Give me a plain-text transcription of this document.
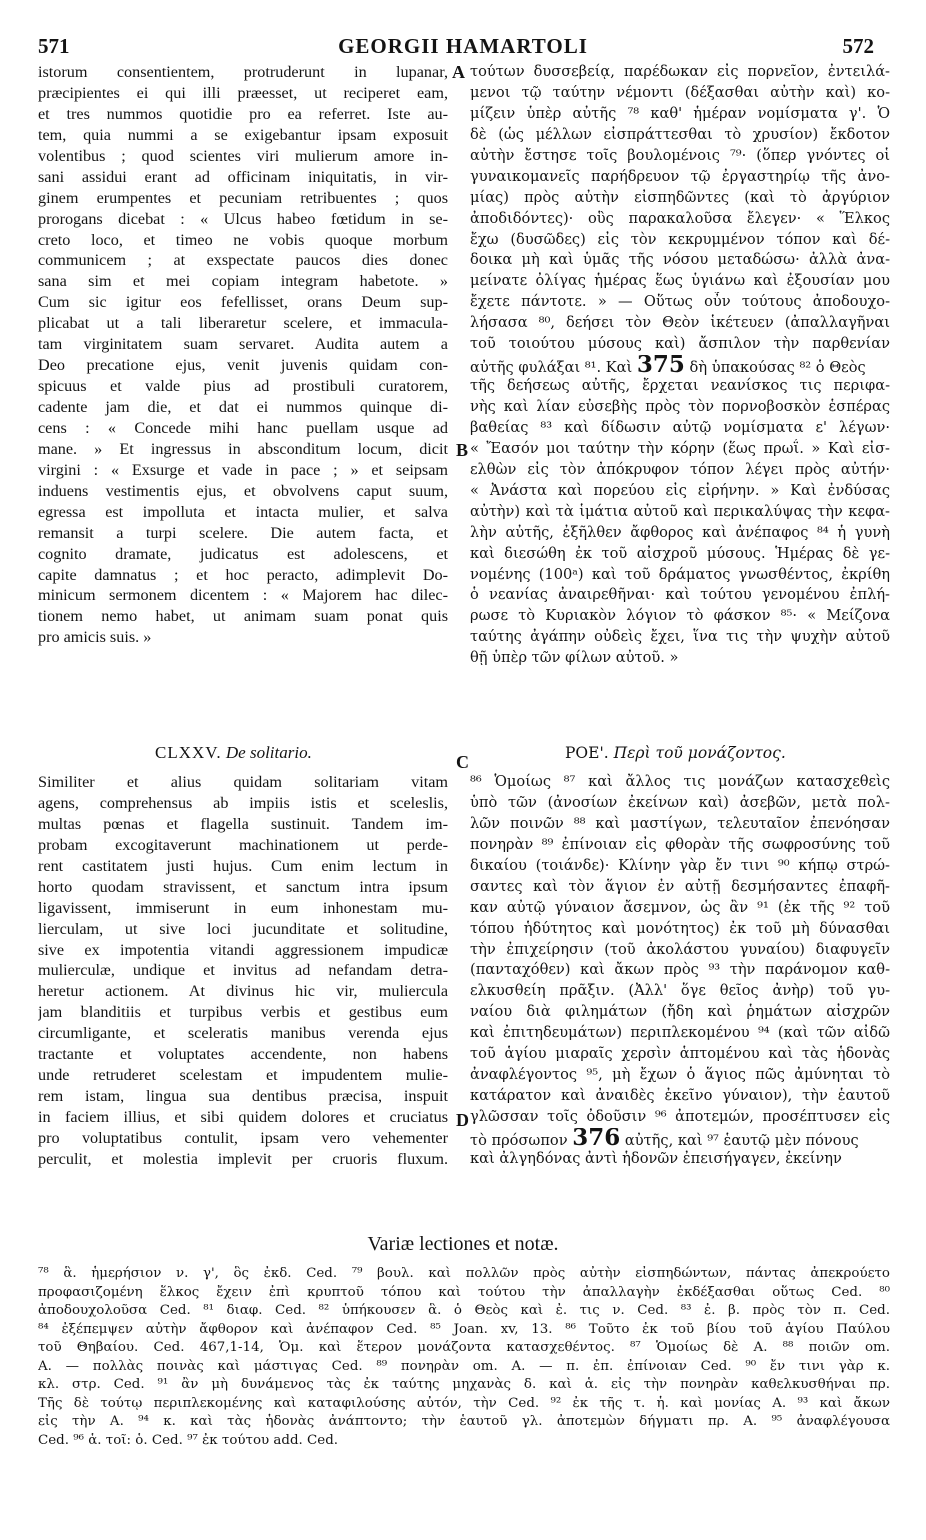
571	GEORGII HAMARTOLI	572
istorum consentientem, protruderunt in lupanar,
præcipientes ei qui illi præesset, ut reciperet eam,
et tres nummos quotidie pro ea referret. Iste au-
tem, quia nummi a se exigebantur ipsam exposuit
volentibus ; quod scientes viri mulierum amore in-
sani assidui erant ad officinam iniquitatis, in vir-
ginem erumpentes et pecuniam retribuentes ; quos
prorogans dicebat : « Ulcus habeo fœtidum in se-
creto loco, et timeo ne vobis quoque morbum
communicem ; at exspectate paucos dies donec
sana sim et mei copiam integram habetote. »
Cum sic igitur eos fefellisset, orans Deum sup-
plicabat ut a tali liberaretur scelere, et immacula-
tam virginitatem suam servaret. Audita autem a
Deo precatione ejus, venit juvenis quidam con-
spicuus et valde pius ad prostibuli curatorem,
cadente jam die, et dat ei nummos quinque di-
cens : « Concede mihi hanc puellam usque ad
mane. » Et ingressus in absconditum locum, dicit
virgini : « Exsurge et vade in pace ; » et seipsam
induens vestimentis ejus, et obvolvens caput suum,
egressa est impolluta et intacta mulier, et salva
remansit a turpi scelere. Die autem facta, et
cognito dramate, judicatus est adolescens, et
capite damnatus ; et hoc peracto, adimplevit Do-
minicum sermonem dicentem : « Majorem hac dilec-
tionem nemo habet, ut animam suam ponat quis
pro amicis suis. »
Similiter et alius quidam solitariam vitam
agens, comprehensus ab impiis istis et sceleslis,
multas pœnas et flagella sustinuit. Tandem im-
probam excogitaverunt machinationem ut perde-
rent castitatem justi hujus. Cum enim lectum in
horto quodam stravissent, et sanctum intra ipsum
ligavissent, immiserunt in eum inhonestam mu-
lierculam, ut sive loci jucunditate et solitudine,
sive ex impotentia vitandi aggressionem impudicæ
mulierculæ, undique et invitus ad nefandam detra-
heretur actionem. At divinus hic vir, muliercula
jam blanditiis et turpibus verbis et gestibus eum
circumligante, et sceleratis manibus verenda ejus
tractante et voluptates accendente, non habens
unde retruderet scelestam et impudentem mulie-
rem istam, lingua sua dentibus præcisa, inspuit
in faciem illius, et sibi quidem dolores et cruciatus
pro voluptatibus contulit, ipsam vero vehementer
perculit, et molestia implevit per cruoris fluxum.
CLXXV. De solitario.
A
B
C
D
τούτων δυσσεβείᾳ, παρέδωκαν εἰς πορνεῖον, ἐντειλά-
μενοι τῷ ταύτην νέμοντι (δέξασθαι αὐτὴν καὶ) κο-
μίζειν ὑπὲρ αὐτῆς ⁷⁸ καθ' ἡμέραν νομίσματα γ'. Ὁ
δὲ (ὡς μέλλων εἰσπράττεσθαι τὸ χρυσίον) ἔκδοτον
αὐτὴν ἔστησε τοῖς βουλομένοις ⁷⁹· (ὅπερ γνόντες οἱ
γυναικομανεῖς παρήδρευον τῷ ἐργαστηρίῳ τῆς ἀνο-
μίας) πρὸς αὐτὴν εἰσπηδῶντες (καὶ τὸ ἀργύριον
ἀποδιδόντες)· οὓς παρακαλοῦσα ἔλεγεν· « Ἕλκος
ἔχω (δυσῶδες) εἰς τὸν κεκρυμμένον τόπον καὶ δέ-
δοικα μὴ καὶ ὑμᾶς τῆς νόσου μεταδώσω· ἀλλὰ ἀνα-
μείνατε ὀλίγας ἡμέρας ἕως ὑγιάνω καὶ ἐξουσίαν μου
ἔχετε πάντοτε. » — Οὕτως οὖν τούτους ἀποδουχο-
λήσασα ⁸⁰, δεήσει τὸν Θεὸν ἱκέτευεν (ἀπαλλαγῆναι
τοῦ τοιούτου μύσους καὶ) ἄσπιλον τὴν παρθενίαν
αὐτῆς φυλάξαι ⁸¹. Καὶ 375 δὴ ὑπακούσας ⁸² ὁ Θεὸς
τῆς δεήσεως αὐτῆς, ἔρχεται νεανίσκος τις περιφα-
νὴς καὶ λίαν εὐσεβὴς πρὸς τὸν πορνοβοσκὸν ἑσπέρας
βαθείας ⁸³ καὶ δίδωσιν αὐτῷ νομίσματα ε' λέγων·
« Ἔασόν μοι ταύτην τὴν κόρην (ἕως πρωΐ. » Καὶ εἰσ-
ελθὼν εἰς τὸν ἀπόκρυφον τόπον λέγει πρὸς αὐτήν·
« Ἀνάστα καὶ πορεύου εἰς εἰρήνην. » Καὶ ἐνδύσας
αὐτὴν) καὶ τὰ ἱμάτια αὐτοῦ καὶ περικαλύψας τὴν κεφα-
λὴν αὐτῆς, ἐξῆλθεν ἄφθορος καὶ ἀνέπαφος ⁸⁴ ἡ γυνὴ
καὶ διεσώθη ἐκ τοῦ αἰσχροῦ μύσους. Ἡμέρας δὲ γε-
νομένης (100ᵃ) καὶ τοῦ δράματος γνωσθέντος, ἐκρίθη
ὁ νεανίας ἀναιρεθῆναι· καὶ τούτου γενομένου ἐπλή-
ρωσε τὸ Κυριακὸν λόγιον τὸ φάσκον ⁸⁵· « Μείζονα
ταύτης ἀγάπην οὐδεὶς ἔχει, ἵνα τις τὴν ψυχὴν αὐτοῦ
θῇ ὑπὲρ τῶν φίλων αὐτοῦ. »
ΡΟΕ'. Περὶ τοῦ μονάζοντος.
⁸⁶ Ὁμοίως ⁸⁷ καὶ ἄλλος τις μονάζων κατασχεθεὶς
ὑπὸ τῶν (ἀνοσίων ἐκείνων καὶ) ἀσεβῶν, μετὰ πολ-
λῶν ποινῶν ⁸⁸ καὶ μαστίγων, τελευταῖον ἐπενόησαν
πονηρὰν ⁸⁹ ἐπίνοιαν εἰς φθορὰν τῆς σωφροσύνης τοῦ
δικαίου (τοιάνδε)· Κλίνην γὰρ ἔν τινι ⁹⁰ κήπῳ στρώ-
σαντες καὶ τὸν ἅγιον ἐν αὐτῇ δεσμήσαντες ἐπαφῆ-
καν αὐτῷ γύναιον ἄσεμνον, ὡς ἂν ⁹¹ (ἐκ τῆς ⁹² τοῦ
τόπου ἡδύτητος καὶ μονότητος) ἐκ τοῦ μὴ δύνασθαι
τὴν ἐπιχείρησιν (τοῦ ἀκολάστου γυναίου) διαφυγεῖν
(πανταχόθεν) καὶ ἄκων πρὸς ⁹³ τὴν παράνομον καθ-
ελκυσθείη πρᾶξιν. (Ἀλλ' ὅγε θεῖος ἀνὴρ) τοῦ γυ-
ναίου διὰ φιλημάτων (ἤδη καὶ ῥημάτων αἰσχρῶν
καὶ ἐπιτηδευμάτων) περιπλεκομένου ⁹⁴ (καὶ τῶν αἰδῶ
τοῦ ἁγίου μιαραῖς χερσὶν ἁπτομένου καὶ τὰς ἡδονὰς
ἀναφλέγοντος ⁹⁵, μὴ ἔχων ὁ ἅγιος πῶς ἀμύνηται τὸ
κατάρατον καὶ ἀναιδὲς ἐκεῖνο γύναιον), τὴν ἑαυτοῦ
γλῶσσαν τοῖς ὀδοῦσιν ⁹⁶ ἀποτεμών, προσέπτυσεν εἰς
τὸ πρόσωπον 376 αὐτῆς, καὶ ⁹⁷ ἑαυτῷ μὲν πόνους
καὶ ἀλγηδόνας ἀντὶ ἡδονῶν ἐπεισήγαγεν, ἐκείνην
Variæ lectiones et notæ.
⁷⁸ ἃ. ἡμερήσιον ν. γ', ὃς ἐκδ. Ced. ⁷⁹ βουλ. καὶ πολλῶν πρὸς αὐτὴν εἰσπηδώντων, πάντας ἀπεκρούετο
προφασιζομένη ἕλκος ἔχειν ἐπὶ κρυπτοῦ τόπου καὶ τούτου τὴν ἀπαλλαγὴν ἐκδέξασθαι οὕτως Ced. ⁸⁰
ἀποδουχολοῦσα Ced. ⁸¹ διαφ. Ced. ⁸² ὑπήκουσεν ἃ. ὁ Θεὸς καὶ ἐ. τις ν. Ced. ⁸³ ἐ. β. πρὸς τὸν π. Ced.
⁸⁴ ἐξέπεμψεν αὐτὴν ἄφθορον καὶ ἀνέπαφον Ced. ⁸⁵ Joan. xv, 13. ⁸⁶ Τοῦτο ἐκ τοῦ βίου τοῦ ἁγίου Παύλου
τοῦ Θηβαίου. Ced. 467,1-14, Ὁμ. καὶ ἕτερον μονάζοντα κατασχεθέντος. ⁸⁷ Ὁμοίως δὲ A. ⁸⁸ ποιῶν om.
A. — πολλὰς ποινὰς καὶ μάστιγας Ced. ⁸⁹ πονηρὰν om. A. — π. ἐπ. ἐπίνοιαν Ced. ⁹⁰ ἔν τινι γὰρ κ.
κλ. στρ. Ced. ⁹¹ ἂν μὴ δυνάμενος τὰς ἐκ ταύτης μηχανὰς δ. καὶ ἁ. εἰς τὴν πονηρὰν καθελκυσθήναι πρ.
Τῆς δὲ τούτῳ περιπλεκομένης καὶ καταφιλούσης αὐτόν, τὴν Ced. ⁹² ἐκ τῆς τ. ἡ. καὶ μονίας A. ⁹³ καὶ ἄκων
εἰς τὴν A. ⁹⁴ κ. καὶ τὰς ἡδονὰς ἀνάπτοντο; τὴν ἑαυτοῦ γλ. ἀποτεμὼν δήγματι πρ. A. ⁹⁵ ἀναφλέγουσα
Ced. ⁹⁶ ἁ. τοῖ: ὁ. Ced. ⁹⁷ ἐκ τούτου add. Ced.
